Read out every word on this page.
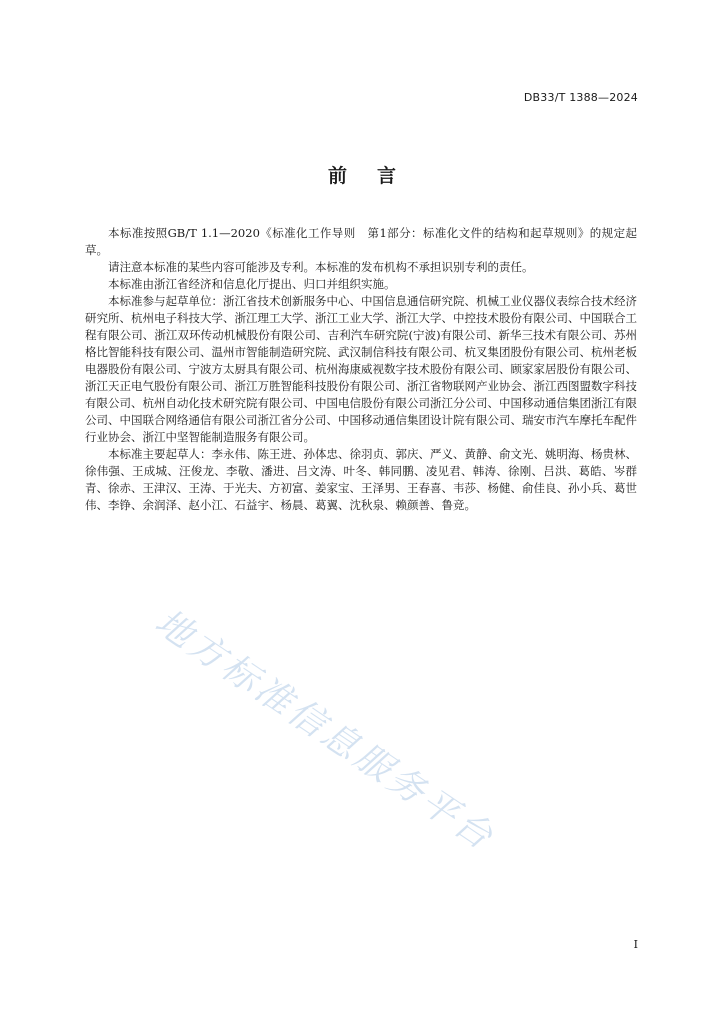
DB33/T 1388—2024
前言

本标准按照GB/T 1.1—2020《标准化工作导则　第1部分：标准化文件的结构和起草规则》的规定起草。

请注意本标准的某些内容可能涉及专利。本标准的发布机构不承担识别专利的责任。

本标准由浙江省经济和信息化厅提出、归口并组织实施。

本标准参与起草单位：浙江省技术创新服务中心、中国信息通信研究院、机械工业仪器仪表综合技术经济研究所、杭州电子科技大学、浙江理工大学、浙江工业大学、浙江大学、中控技术股份有限公司、中国联合工程有限公司、浙江双环传动机械股份有限公司、吉利汽车研究院(宁波)有限公司、新华三技术有限公司、苏州格比智能科技有限公司、温州市智能制造研究院、武汉制信科技有限公司、杭叉集团股份有限公司、杭州老板电器股份有限公司、宁波方太厨具有限公司、杭州海康威视数字技术股份有限公司、顾家家居股份有限公司、浙江天正电气股份有限公司、浙江万胜智能科技股份有限公司、浙江省物联网产业协会、浙江西图盟数字科技有限公司、杭州自动化技术研究院有限公司、中国电信股份有限公司浙江分公司、中国移动通信集团浙江有限公司、中国联合网络通信有限公司浙江省分公司、中国移动通信集团设计院有限公司、瑞安市汽车摩托车配件行业协会、浙江中坚智能制造服务有限公司。

本标准主要起草人：李永伟、陈王进、孙体忠、徐羽贞、郭庆、严义、黄静、俞文光、姚明海、杨贵林、徐伟强、王成城、汪俊龙、李敬、潘进、吕文涛、叶冬、韩同鹏、凌见君、韩涛、徐刚、吕洪、葛皓、岑群青、徐赤、王津汉、王涛、于光夫、方初富、姜家宝、王泽男、王春喜、韦莎、杨健、俞佳良、孙小兵、葛世伟、李铮、余润泽、赵小江、石益宇、杨晨、葛翼、沈秋泉、赖颜善、鲁竞。

地方标准信息服务平台
I
